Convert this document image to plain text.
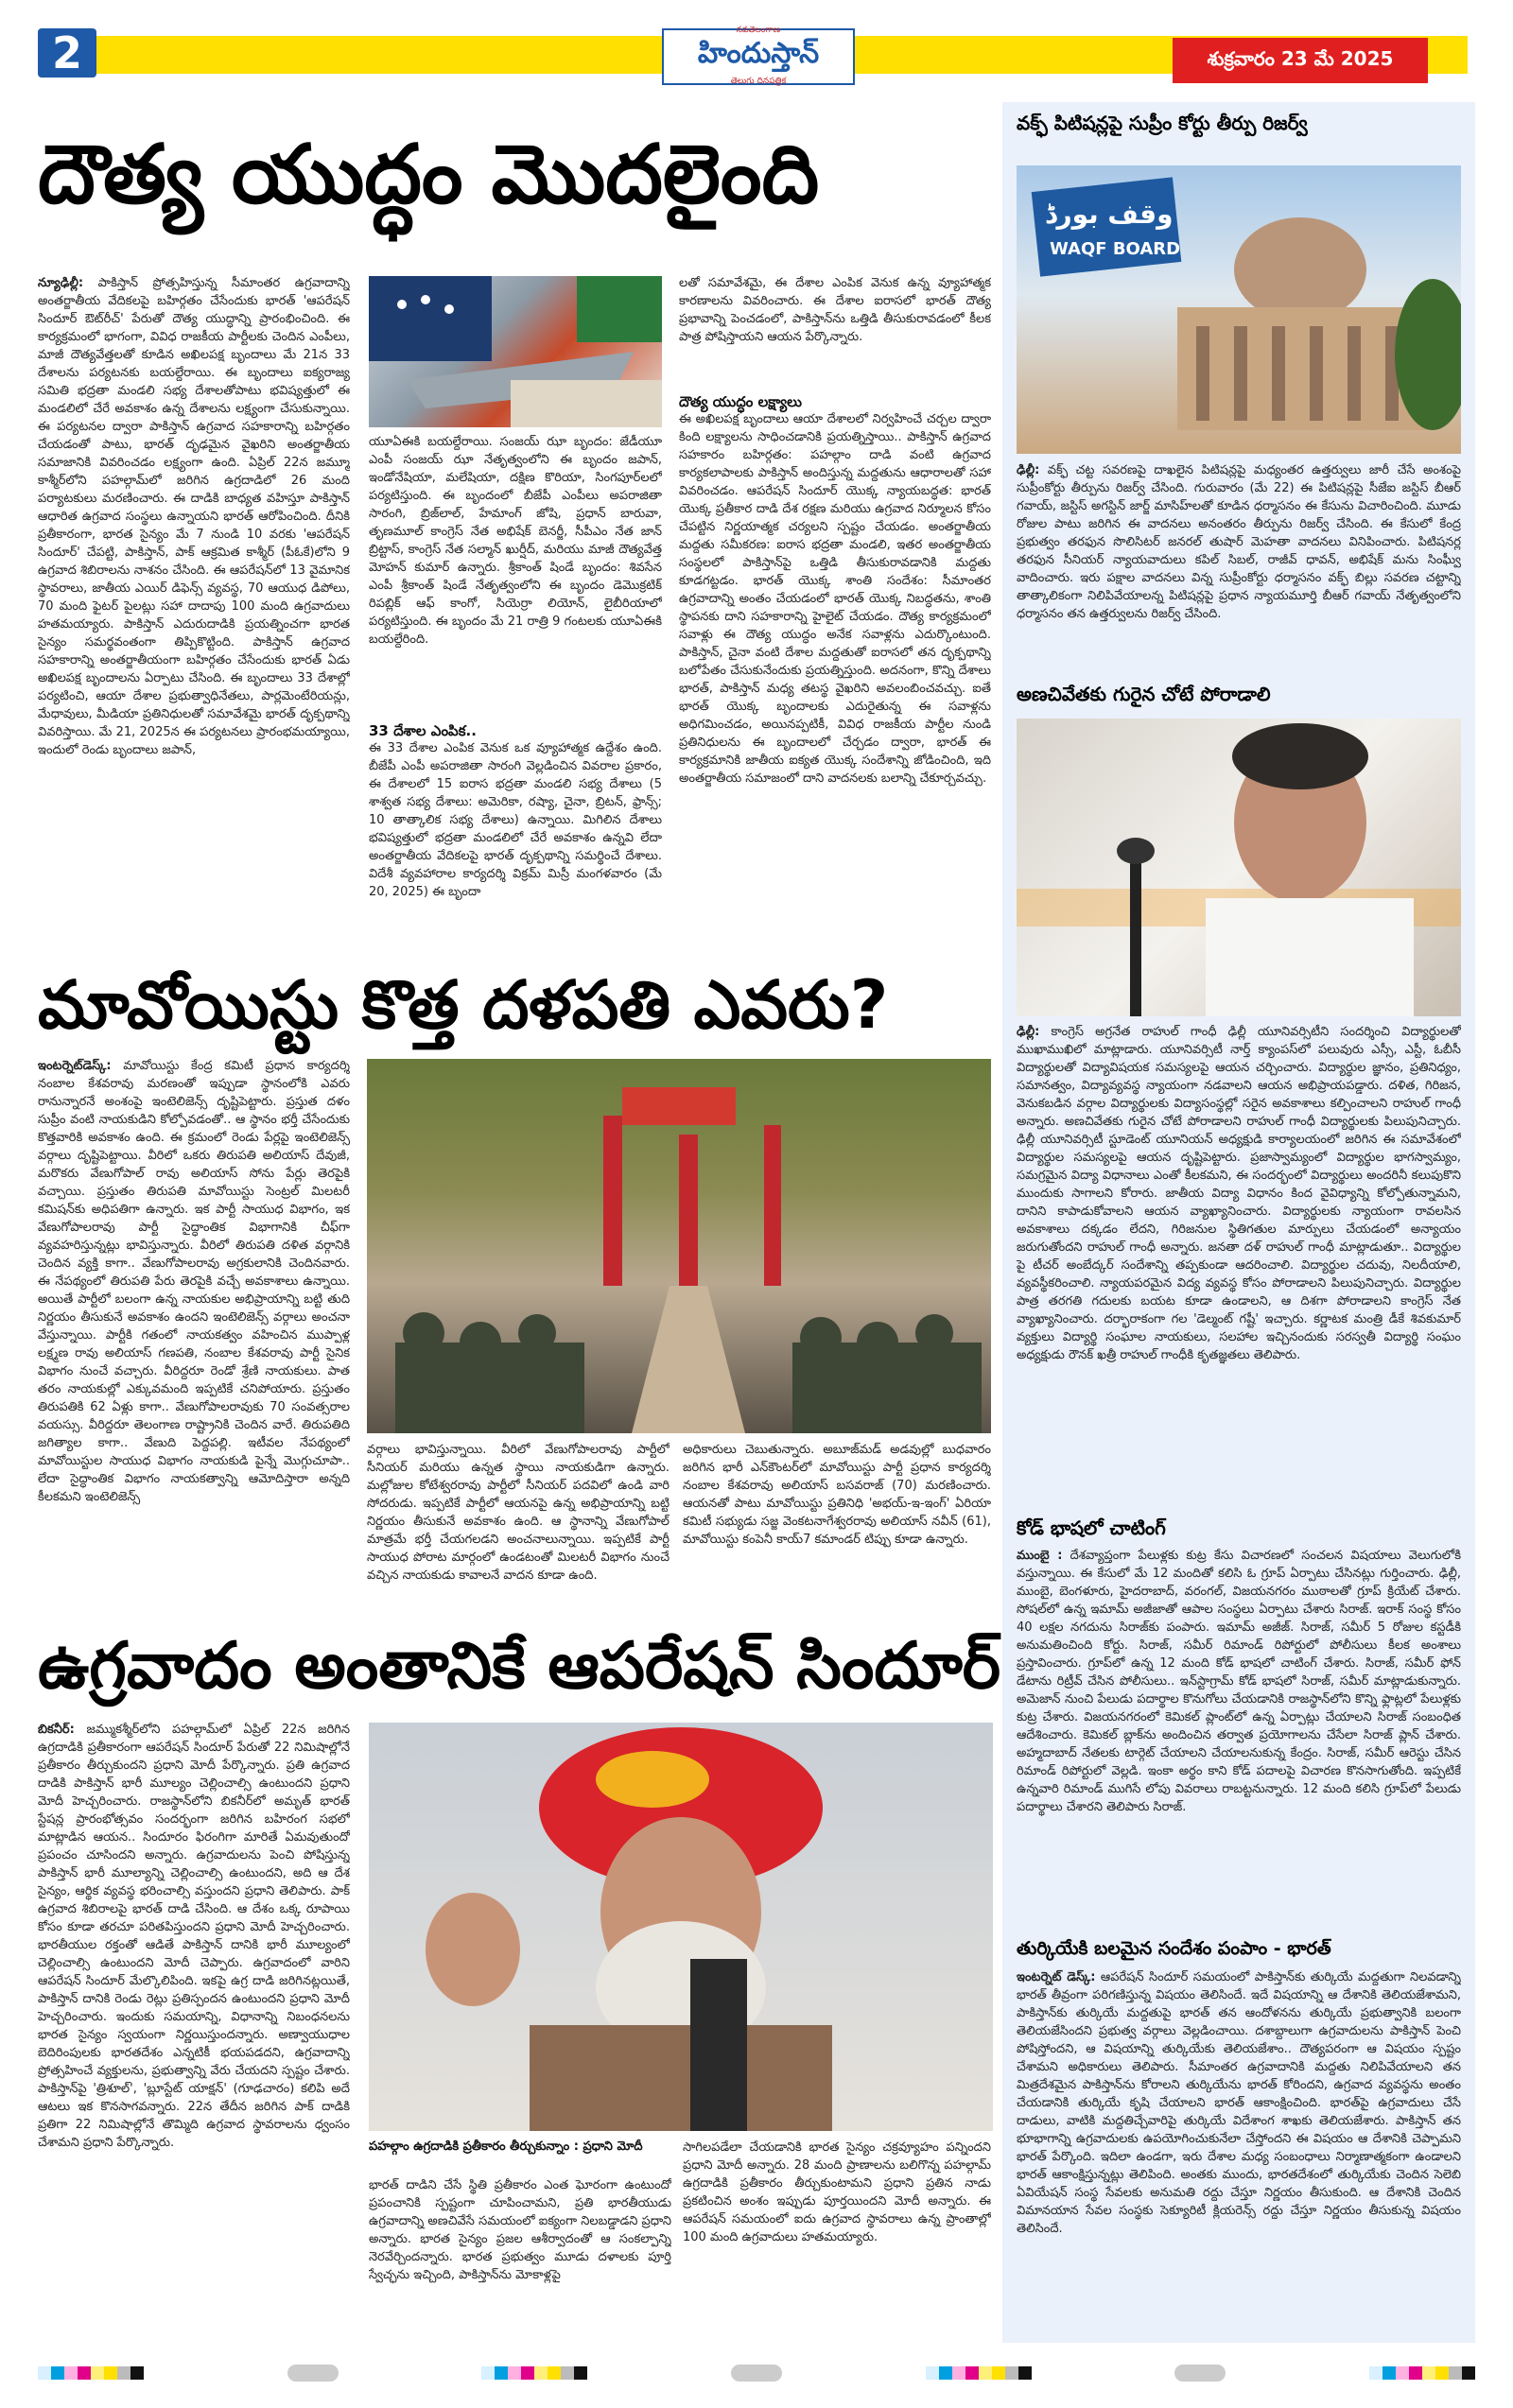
2	నవతెలంగాణ
హిందుస్తాన్
తెలుగు దినపత్రిక
శుక్రవారం 23 మే 2025
దౌత్య యుద్ధం మొదలైంది
న్యూఢిల్లీ: పాకిస్తాన్ ప్రోత్సహిస్తున్న సీమాంతర ఉగ్రవాదాన్ని అంతర్జాతీయ వేదికలపై బహిర్గతం చేసేందుకు భారత్ 'ఆపరేషన్ సిందూర్ ఔట్‌రీచ్' పేరుతో దౌత్య యుద్ధాన్ని ప్రారంభించింది. ఈ కార్యక్రమంలో భాగంగా, వివిధ రాజకీయ పార్టీలకు చెందిన ఎంపీలు, మాజీ దౌత్యవేత్తలతో కూడిన అఖిలపక్ష బృందాలు మే 21న 33 దేశాలను పర్యటనకు బయల్దేరాయి. ఈ బృందాలు ఐక్యరాజ్య సమితి భద్రతా మండలి సభ్య దేశాలతోపాటు భవిష్యత్తులో ఈ మండలిలో చేరే అవకాశం ఉన్న దేశాలను లక్ష్యంగా చేసుకున్నాయి. ఈ పర్యటనల ద్వారా పాకిస్తాన్ ఉగ్రవాద సహకారాన్ని బహిర్గతం చేయడంతో పాటు, భారత్ దృఢమైన వైఖరిని అంతర్జాతీయ సమాజానికి వివరించడం లక్ష్యంగా ఉంది. ఏప్రిల్ 22న జమ్మూ కాశ్మీర్‌లోని పహల్గామ్‌లో జరిగిన ఉగ్రదాడిలో 26 మంది పర్యాటకులు మరణించారు. ఈ దాడికి బాధ్యత వహిస్తూ పాకిస్తాన్ ఆధారిత ఉగ్రవాద సంస్థలు ఉన్నాయని భారత్ ఆరోపించింది. దీనికి ప్రతీకారంగా, భారత సైన్యం మే 7 నుండి 10 వరకు 'ఆపరేషన్ సిందూర్' చేపట్టి, పాకిస్తాన్, పాక్ ఆక్రమిత కాశ్మీర్ (పీఓకే)లోని 9 ఉగ్రవాద శిబిరాలను నాశనం చేసింది. ఈ ఆపరేషన్‌లో 13 వైమానిక స్థావరాలు, జాతీయ ఎయిర్ డిఫెన్స్ వ్యవస్థ, 70 ఆయుధ డిపోలు, 70 మంది ఫైటర్ పైలట్లు సహా దాదాపు 100 మంది ఉగ్రవాదులు హతమయ్యారు. పాకిస్తాన్ ఎదురుదాడికి ప్రయత్నించగా భారత సైన్యం సమర్థవంతంగా తిప్పికొట్టింది. పాకిస్తాన్ ఉగ్రవాద సహకారాన్ని అంతర్జాతీయంగా బహిర్గతం చేసేందుకు భారత్ ఏడు అఖిలపక్ష బృందాలను ఏర్పాటు చేసింది. ఈ బృందాలు 33 దేశాల్లో పర్యటించి, ఆయా దేశాల ప్రభుత్వాధినేతలు, పార్లమెంటేరియన్లు, మేధావులు, మీడియా ప్రతినిధులతో సమావేశమై భారత్ దృక్పథాన్ని వివరిస్తాయి. మే 21, 2025న ఈ పర్యటనలు ప్రారంభమయ్యాయి, ఇందులో రెండు బృందాలు జపాన్,
యూఏఈకి బయల్దేరాయి. సంజయ్ ఝా బృందం: జేడీయూ ఎంపీ సంజయ్ ఝా నేతృత్వంలోని ఈ బృందం జపాన్, ఇండోనేషియా, మలేషియా, దక్షిణ కొరియా, సింగపూర్‌లలో పర్యటిస్తుంది. ఈ బృందంలో బీజేపీ ఎంపీలు అపరాజితా సారంగి, బ్రిజ్‌లాల్, హేమాంగ్ జోషి, ప్రధాన్ బారువా, తృణమూల్ కాంగ్రెస్ నేత అభిషేక్ బెనర్జీ, సీపీఎం నేత జాన్ బ్రిట్టాస్, కాంగ్రెస్ నేత సల్మాన్ ఖుర్షీద్, మరియు మాజీ దౌత్యవేత్త మోహన్ కుమార్ ఉన్నారు. శ్రీకాంత్ షిండే బృందం: శివసేన ఎంపీ శ్రీకాంత్ షిండే నేతృత్వంలోని ఈ బృందం డెమొక్రటిక్ రిపబ్లిక్ ఆఫ్ కాంగో, సియెర్రా లియోన్, లైబీరియాలో పర్యటిస్తుంది. ఈ బృందం మే 21 రాత్రి 9 గంటలకు యూఏఈకి బయల్దేరింది.
33 దేశాల ఎంపిక..
ఈ 33 దేశాల ఎంపిక వెనుక ఒక వ్యూహాత్మక ఉద్దేశం ఉంది. బీజేపీ ఎంపీ అపరాజితా సారంగి వెల్లడించిన వివరాల ప్రకారం, ఈ దేశాలలో 15 ఐరాస భద్రతా మండలి సభ్య దేశాలు (5 శాశ్వత సభ్య దేశాలు: అమెరికా, రష్యా, చైనా, బ్రిటన్, ఫ్రాన్స్; 10 తాత్కాలిక సభ్య దేశాలు) ఉన్నాయి. మిగిలిన దేశాలు భవిష్యత్తులో భద్రతా మండలిలో చేరే అవకాశం ఉన్నవి లేదా అంతర్జాతీయ వేదికలపై భారత్ దృక్పథాన్ని సమర్థించే దేశాలు. విదేశీ వ్యవహారాల కార్యదర్శి విక్రమ్ మిస్రీ మంగళవారం (మే 20, 2025) ఈ బృందా
లతో సమావేశమై, ఈ దేశాల ఎంపిక వెనుక ఉన్న వ్యూహాత్మక కారణాలను వివరించారు. ఈ దేశాల ఐరాసలో భారత్ దౌత్య ప్రభావాన్ని పెంచడంలో, పాకిస్తాన్‌ను ఒత్తిడి తీసుకురావడంలో కీలక పాత్ర పోషిస్తాయని ఆయన పేర్కొన్నారు.
దౌత్య యుద్ధం లక్ష్యాలు
ఈ అఖిలపక్ష బృందాలు ఆయా దేశాలలో నిర్వహించే చర్చల ద్వారా కింది లక్ష్యాలను సాధించడానికి ప్రయత్నిస్తాయి.. పాకిస్తాన్ ఉగ్రవాద సహకారం బహిర్గతం: పహల్గాం దాడి వంటి ఉగ్రవాద కార్యకలాపాలకు పాకిస్తాన్ అందిస్తున్న మద్దతును ఆధారాలతో సహా వివరించడం. ఆపరేషన్ సిందూర్ యొక్క న్యాయబద్ధత: భారత్ యొక్క ప్రతీకార దాడి దేశ రక్షణ మరియు ఉగ్రవాద నిర్మూలన కోసం చేపట్టిన నిర్ణయాత్మక చర్యలని స్పష్టం చేయడం. అంతర్జాతీయ మద్దతు సమీకరణ: ఐరాస భద్రతా మండలి, ఇతర అంతర్జాతీయ సంస్థలలో పాకిస్తాన్‌పై ఒత్తిడి తీసుకురావడానికి మద్దతు కూడగట్టడం. భారత్ యొక్క శాంతి సందేశం: సీమాంతర ఉగ్రవాదాన్ని అంతం చేయడంలో భారత్ యొక్క నిబద్ధతను, శాంతి స్థాపనకు దాని సహకారాన్ని హైలైట్ చేయడం. దౌత్య కార్యక్రమంలో సవాళ్లు ఈ దౌత్య యుద్ధం అనేక సవాళ్లను ఎదుర్కొంటుంది. పాకిస్తాన్, చైనా వంటి దేశాల మద్దతుతో ఐరాసలో తన దృక్పథాన్ని బలోపేతం చేసుకునేందుకు ప్రయత్నిస్తుంది. అదనంగా, కొన్ని దేశాలు భారత్, పాకిస్తాన్ మధ్య తటస్థ వైఖరిని అవలంబించవచ్చు. ఐతే భారత్ యొక్క బృందాలకు ఎదురైతున్న ఈ సవాళ్లను అధిగమించడం, అయినప్పటికీ, వివిధ రాజకీయ పార్టీల నుండి ప్రతినిధులను ఈ బృందాలలో చేర్చడం ద్వారా, భారత్ ఈ కార్యక్రమానికి జాతీయ ఐక్యత యొక్క సందేశాన్ని జోడించింది, ఇది అంతర్జాతీయ సమాజంలో దాని వాదనలకు బలాన్ని చేకూర్చవచ్చు.
మావోయిస్టు కొత్త దళపతి ఎవరు?
ఇంటర్నెట్‌డెస్క్: మావోయిస్టు కేంద్ర కమిటీ ప్రధాన కార్యదర్శి నంబాల కేశవరావు మరణంతో ఇప్పుడా స్థానంలోకి ఎవరు రానున్నారనే అంశంపై ఇంటెలిజెన్స్ దృష్టిపెట్టారు. ప్రస్తుత దళం సుప్రీం వంటి నాయకుడిని కోల్పోవడంతో.. ఆ స్థానం భర్తీ చేసేందుకు కొత్తవారికి అవకాశం ఉంది. ఈ క్రమంలో రెండు పేర్లపై ఇంటెలిజెన్స్ వర్గాలు దృష్టిపెట్టాయి. వీరిలో ఒకరు తిరుపతి అలియాస్ దేవుజీ, మరొకరు వేణుగోపాల్ రావు అలియాస్ సోను పేర్లు తెరపైకి వచ్చాయి. ప్రస్తుతం తిరుపతి మావోయిస్టు సెంట్రల్ మిలటరీ కమిషన్‌కు అధిపతిగా ఉన్నారు. ఇక పార్టీ సాయుధ విభాగం, ఇక వేణుగోపాలరావు పార్టీ సైద్ధాంతిక విభాగానికి చీఫ్‌గా వ్యవహరిస్తున్నట్లు భావిస్తున్నారు. వీరిలో తిరుపతి దళిత వర్గానికి చెందిన వ్యక్తి కాగా.. వేణుగోపాలరావు అగ్రకులానికి చెందినవారు. ఈ నేపథ్యంలో తిరుపతి పేరు తెరపైకి వచ్చే అవకాశాలు ఉన్నాయి. అయితే పార్టీలో బలంగా ఉన్న నాయకుల అభిప్రాయాన్ని బట్టి తుది నిర్ణయం తీసుకునే అవకాశం ఉందని ఇంటెలిజెన్స్ వర్గాలు అంచనా వేస్తున్నాయి. పార్టీకి గతంలో నాయకత్వం వహించిన ముప్పాళ్ల లక్ష్మణ రావు అలియాస్ గణపతి, నంబాల కేశవరావు పార్టీ సైనిక విభాగం నుంచే వచ్చారు. వీరిద్దరూ రెండో శ్రేణి నాయకులు. పాత తరం నాయకుల్లో ఎక్కువమంది ఇప్పటికే చనిపోయారు. ప్రస్తుతం తిరుపతికి 62 ఏళ్లు కాగా.. వేణుగోపాలరావుకు 70 సంవత్సరాల వయస్సు. వీరిద్దరూ తెలంగాణ రాష్ట్రానికి చెందిన వారే. తిరుపతిది జగిత్యాల కాగా.. వేణుది పెద్దపల్లి. ఇటీవల నేపథ్యంలో మావోయిస్టుల సాయుధ విభాగం నాయకుడి పైన్నే మొగ్గుచూపా.. లేదా సైద్ధాంతిక విభాగం నాయకత్వాన్ని ఆమోదిస్తారా అన్నది కీలకమని ఇంటెలిజెన్స్
వర్గాలు భావిస్తున్నాయి. వీరిలో వేణుగోపాలరావు పార్టీలో సీనియర్ మరియు ఉన్నత స్థాయి నాయకుడిగా ఉన్నారు. మల్లోజుల కోటేశ్వరరావు పార్టీలో సీనియర్ పదవిలో ఉండి వారి సోదరుడు. ఇప్పటికే పార్టీలో ఆయనపై ఉన్న అభిప్రాయాన్ని బట్టి నిర్ణయం తీసుకునే అవకాశం ఉంది. ఆ స్థానాన్ని వేణుగోపాల్ మాత్రమే భర్తీ చేయగలడని అంచనాలున్నాయి. ఇప్పటికే పార్టీ సాయుధ పోరాట మార్గంలో ఉండటంతో మిలటరీ విభాగం నుంచే వచ్చిన నాయకుడు కావాలనే వాదన కూడా ఉంది.
అధికారులు చెబుతున్నారు. అబూజ్‌మడ్ అడవుల్లో బుధవారం జరిగిన భారీ ఎన్‌కౌంటర్‌లో మావోయిస్టు పార్టీ ప్రధాన కార్యదర్శి నంబాల కేశవరావు అలియాస్ బసవరాజ్ (70) మరణించారు. ఆయనతో పాటు మావోయిస్టు ప్రతినిధి 'అభయ్-ఇ-ఇంగ్' ఏరియా కమిటీ సభ్యుడు సజ్జ వెంకటనాగేశ్వరరావు అలియాస్ నవీన్ (61), మావోయిస్టు కంపెనీ కాయ్7 కమాండర్ టిప్పు కూడా ఉన్నారు.
ఉగ్రవాదం అంతానికే ఆపరేషన్ సిందూర్
బికనీర్: జమ్ముకశ్మీర్‌లోని పహల్గామ్‌లో ఏప్రిల్ 22న జరిగిన ఉగ్రదాడికి ప్రతీకారంగా ఆపరేషన్ సిందూర్ పేరుతో 22 నిమిషాల్లోనే ప్రతీకారం తీర్చుకుందని ప్రధాని మోదీ పేర్కొన్నారు. ప్రతి ఉగ్రవాద దాడికి పాకిస్తాన్ భారీ మూల్యం చెల్లించాల్సి ఉంటుందని ప్రధాని మోదీ హెచ్చరించారు. రాజస్థాన్‌లోని బికనీర్‌లో అమృత్ భారత్ స్టేషన్ల ప్రారంభోత్సవం సందర్భంగా జరిగిన బహిరంగ సభలో మాట్లాడిన ఆయన.. సిందూరం ఫిరంగిగా మారితే ఏమవుతుందో ప్రపంచం చూసిందని అన్నారు. ఉగ్రవాదులను పెంచి పోషిస్తున్న పాకిస్తాన్ భారీ మూల్యాన్ని చెల్లించాల్సి ఉంటుందని, అది ఆ దేశ సైన్యం, ఆర్థిక వ్యవస్థ భరించాల్సి వస్తుందని ప్రధాని తెలిపారు. పాక్ ఉగ్రవాద శిబిరాలపై భారత్ దాడి చేసింది. ఆ దేశం ఒక్క రూపాయి కోసం కూడా తరచూ పరితపిస్తుందని ప్రధాని మోదీ హెచ్చరించారు. భారతీయుల రక్తంతో ఆడితే పాకిస్తాన్ దానికి భారీ మూల్యంలో చెల్లించాల్సి ఉంటుందని మోదీ చెప్పారు. ఉగ్రవాదంలో వారిని ఆపరేషన్ సిందూర్ మేల్కొలిపింది. ఇకపై ఉగ్ర దాడి జరిగినట్లయితే, పాకిస్తాన్ దానికి రెండు రెట్లు ప్రతిస్పందన ఉంటుందని ప్రధాని మోదీ హెచ్చరించారు. ఇందుకు సమయాన్ని, విధానాన్ని నిబంధనలను భారత సైన్యం స్వయంగా నిర్ణయిస్తుందన్నారు. అణ్వాయుధాల బెదిరింపులకు భారతదేశం ఎన్నటికీ భయపడదని, ఉగ్రవాదాన్ని ప్రోత్సహించే వ్యక్తులను, ప్రభుత్వాన్ని వేరు చేయదని స్పష్టం చేశారు. పాకిస్తాన్‌పై 'త్రిశూల్', 'బ్లూస్టేట్ యాక్షన్' (గూఢచారం) కలిపి అదే ఆటలు ఇక కొనసాగవన్నారు. 22న తేదీన జరిగిన పాక్ దాడికి ప్రతిగా 22 నిమిషాల్లోనే తొమ్మిది ఉగ్రవాద స్థావరాలను ధ్వంసం చేశామని ప్రధాని పేర్కొన్నారు.	పహల్గాం ఉగ్రదాడికి ప్రతీకారం తీర్చుకున్నాం : ప్రధాని మోదీ
భారత్ దాడిని చేసే స్థితి ప్రతీకారం ఎంత ఘోరంగా ఉంటుందో ప్రపంచానికి స్పష్టంగా చూపించామని, ప్రతి భారతీయుడు ఉగ్రవాదాన్ని అణచివేసే సమయంలో ఐక్యంగా నిలబడ్డాడని ప్రధాని అన్నారు. భారత సైన్యం ప్రజల ఆశీర్వాదంతో ఆ సంకల్పాన్ని నెరవేర్చిందన్నారు. భారత ప్రభుత్వం మూడు దళాలకు పూర్తి స్వేచ్ఛను ఇచ్చింది, పాకిస్తాన్‌ను మోకాళ్లపై
సాగిలపడేలా చేయడానికి భారత సైన్యం చక్రవ్యూహం పన్నిందని ప్రధాని మోదీ అన్నారు. 28 మంది ప్రాణాలను బలిగొన్న పహల్గామ్ ఉగ్రదాడికి ప్రతీకారం తీర్చుకుంటామని ప్రధాని ప్రతిన నాడు ప్రకటించిన అంశం ఇప్పుడు పూర్తయిందని మోదీ అన్నారు. ఈ ఆపరేషన్ సమయంలో ఐదు ఉగ్రవాద స్థావరాలు ఉన్న ప్రాంతాల్లో 100 మంది ఉగ్రవాదులు హతమయ్యారు.
వక్ఫ్ పిటిషన్లపై సుప్రీం కోర్టు తీర్పు రిజర్వ్
وقف بورڈ
WAQF BOARD
ఢిల్లీ: వక్ఫ్ చట్ట సవరణపై దాఖలైన పిటిషన్లపై మధ్యంతర ఉత్తర్వులు జారీ చేసే అంశంపై సుప్రీంకోర్టు తీర్పును రిజర్వ్ చేసింది. గురువారం (మే 22) ఈ పిటిషన్లపై సీజేఐ జస్టిస్ బీఆర్ గవాయ్, జస్టిస్ అగస్టిన్ జార్జ్ మాసిహ్‌లతో కూడిన ధర్మాసనం ఈ కేసును విచారించింది. మూడు రోజుల పాటు జరిగిన ఈ వాదనలు అనంతరం తీర్పును రిజర్వ్ చేసింది. ఈ కేసులో కేంద్ర ప్రభుత్వం తరఫున సొలిసిటర్ జనరల్ తుషార్ మెహతా వాదనలు వినిపించారు. పిటిషనర్ల తరఫున సీనియర్ న్యాయవాదులు కపిల్ సిబల్, రాజీవ్ ధావన్, అభిషేక్ మను సింఘ్వీ వాదించారు. ఇరు పక్షాల వాదనలు విన్న సుప్రీంకోర్టు ధర్మాసనం వక్ఫ్ బిల్లు సవరణ చట్టాన్ని తాత్కాలికంగా నిలిపివేయాలన్న పిటిషన్లపై ప్రధాన న్యాయమూర్తి బీఆర్ గవాయ్ నేతృత్వంలోని ధర్మాసనం తన ఉత్తర్వులను రిజర్వ్ చేసింది.
అణచివేతకు గురైన చోటే పోరాడాలి
ఢిల్లీ: కాంగ్రెస్ అగ్రనేత రాహుల్ గాంధీ ఢిల్లీ యూనివర్సిటీని సందర్శించి విద్యార్థులతో ముఖాముఖిలో మాట్లాడారు. యూనివర్సిటీ నార్త్ క్యాంపస్‌లో పలువురు ఎస్సీ, ఎస్టీ, ఓబీసీ విద్యార్థులతో విద్యావిషయక సమస్యలపై ఆయన చర్చించారు. విద్యార్థుల జ్ఞానం, ప్రతినిధ్యం, సమానత్వం, విద్యావ్యవస్థ న్యాయంగా నడవాలని ఆయన అభిప్రాయపడ్డారు. దళిత, గిరిజన, వెనుకబడిన వర్గాల విద్యార్థులకు విద్యాసంస్థల్లో సరైన అవకాశాలు కల్పించాలని రాహుల్ గాంధీ అన్నారు. అణచివేతకు గురైన చోటే పోరాడాలని రాహుల్ గాంధీ విద్యార్థులకు పిలుపునిచ్చారు. ఢిల్లీ యూనివర్సిటీ స్టూడెంట్ యూనియన్ అధ్యక్షుడి కార్యాలయంలో జరిగిన ఈ సమావేశంలో విద్యార్థుల సమస్యలపై ఆయన దృష్టిపెట్టారు. ప్రజాస్వామ్యంలో విద్యార్థుల భాగస్వామ్యం, సమగ్రమైన విద్యా విధానాలు ఎంతో కీలకమని, ఈ సందర్భంలో విద్యార్థులు అందరినీ కలుపుకొని ముందుకు సాగాలని కోరారు. జాతీయ విద్యా విధానం కింద వైవిధ్యాన్ని కోల్పోతున్నామని, దానిని కాపాడుకోవాలని ఆయన వ్యాఖ్యానించారు. విద్యార్థులకు న్యాయంగా రావలసిన అవకాశాలు దక్కడం లేదని, గిరిజనుల స్థితిగతుల మార్పులు చేయడంలో అన్యాయం జరుగుతోందని రాహుల్ గాంధీ అన్నారు. జనతా దళ్ రాహుల్ గాంధీ మాట్లాడుతూ.. విద్యార్థుల పై టీచర్ అంబేద్కర్ సందేశాన్ని తప్పకుండా ఆదరించాలి. విద్యార్థుల చదువు, నిలదీయాలి, వ్యవస్థీకరించాలి. న్యాయపరమైన విద్య వ్యవస్థ కోసం పోరాడాలని పిలుపునిచ్చారు. విద్యార్థుల పాత్ర తరగతి గదులకు బయట కూడా ఉండాలని, ఆ దిశగా పోరాడాలని కాంగ్రెస్ నేత వ్యాఖ్యానించారు. దర్భారాకంగా గల 'డెల్మంట్ గష్టీ' ఇచ్చారు. కర్ణాటక మంత్రి డీకే శివకుమార్ వ్యక్తులు విద్యార్థి సంఘాల నాయకులు, సలహాల ఇచ్చినందుకు సరస్వతీ విద్యార్థి సంఘం అధ్యక్షుడు రౌనక్ ఖత్రీ రాహుల్ గాంధీకి కృతజ్ఞతలు తెలిపారు.
కోడ్ భాషలో చాటింగ్
ముంబై : దేశవ్యాప్తంగా పేలుళ్లకు కుట్ర కేసు విచారణలో సంచలన విషయాలు వెలుగులోకి వస్తున్నాయి. ఈ కేసులో మే 12 మందితో కలిసి ఓ గ్రూప్ ఏర్పాటు చేసినట్లు గుర్తించారు. ఢిల్లీ, ముంబై, బెంగళూరు, హైదరాబాద్, వరంగల్, విజయనగరం ముఠాలతో గ్రూప్ క్రియేట్ చేశారు. సోషల్‌లో ఉన్న ఇమామ్ అజీజాతో ఆపాల సంస్థలు ఏర్పాటు చేశారు సిరాజ్. ఇరాక్ సంస్థ కోసం 40 లక్షల నగదును సిరాజ్‌కు పంపారు. ఇమామ్ అజీజ్. సిరాజ్, సమీర్ 5 రోజుల కస్టడీకి అనుమతించింది కోర్టు. సిరాజ్, సమీర్ రిమాండ్ రిపోర్టులో పోలీసులు కీలక అంశాలు ప్రస్తావించారు. గ్రూప్‌లో ఉన్న 12 మంది కోడ్ భాషలో చాటింగ్ చేశారు. సిరాజ్, సమీర్ ఫోన్ డేటాను రిట్రీవ్ చేసిన పోలీసులు.. ఇన్‌స్టాగ్రామ్ కోడ్ భాషలో సిరాజ్, సమీర్ మాట్లాడుకున్నారు. అమెజాన్ నుంచి పేలుడు పదార్థాల కొనుగోలు చేయడానికి రాజస్థాన్‌లోని కొన్ని ఫ్లాట్లలో పేలుళ్లకు కుట్ర చేశారు. విజయనగరంలో కెమికల్ ప్లాంట్‌లో ఉన్న ఏర్పాట్లు చేయాలని సిరాజ్ సంబంధిత ఆదేశించారు. కెమికల్ బ్లాక్‌ను అందించిన తర్వాత ప్రయోగాలను చేసేలా సిరాజ్ ప్లాన్ చేశారు. అహ్మదాబాద్ నేతలకు టార్గెట్ చేయాలని చేయాలనుకున్న కేంద్రం. సిరాజ్, సమీర్ ఆరెస్టు చేసిన రిమాండ్ రిపోర్టులో వెల్లడి. ఇంకా అర్థం కాని కోడ్ పదాలపై విచారణ కొనసాగుతోంది. ఇప్పటికే ఉన్నవారి రిమాండ్ ముగిసే లోపు వివరాలు రాబట్టనున్నారు. 12 మంది కలిసి గ్రూప్‌లో పేలుడు పదార్థాలు చేశారని తెలిపారు సిరాజ్.
తుర్కియేకి బలమైన సందేశం పంపాం - భారత్
ఇంటర్నెట్ డెస్క్: ఆపరేషన్ సిందూర్ సమయంలో పాకిస్తాన్‌కు తుర్కియే మద్దతుగా నిలవడాన్ని భారత్ తీవ్రంగా పరిగణిస్తున్న విషయం తెలిసిందే. ఇదే విషయాన్ని ఆ దేశానికి తెలియజేశామని, పాకిస్తాన్‌కు తుర్కియే మద్దతుపై భారత్ తన ఆందోళనను తుర్కియే ప్రభుత్వానికి బలంగా తెలియజేసిందని ప్రభుత్వ వర్గాలు వెల్లడించాయి. దశాబ్దాలుగా ఉగ్రవాదులను పాకిస్తాన్ పెంచి పోషిస్తోందని, ఆ విషయాన్ని తుర్కియేకు తెలియజేశాం.. దౌత్యపరంగా ఆ విషయం స్పష్టం చేశామని అధికారులు తెలిపారు. సీమాంతర ఉగ్రవాదానికి మద్దతు నిలిపివేయాలని తన మిత్రదేశమైన పాకిస్తాన్‌ను కోరాలని తుర్కియేను భారత్ కోరిందని, ఉగ్రవాద వ్యవస్థను అంతం చేయడానికి తుర్కియే కృషి చేయాలని భారత్ ఆకాంక్షించింది. భారత్‌పై ఉగ్రవాదులు చేసే దాడులు, వాటికి మద్దతిచ్చేవారిపై తుర్కియే విదేశాంగ శాఖకు తెలియజేశారు. పాకిస్తాన్ తన భూభాగాన్ని ఉగ్రవాదులకు ఉపయోగించుకునేలా చేస్తోందని ఈ విషయం ఆ దేశానికి చెప్పామని భారత్ పేర్కొంది. ఇదిలా ఉండగా, ఇరు దేశాల మధ్య సంబంధాలు నిర్మాణాత్మకంగా ఉండాలని భారత్ ఆకాంక్షిస్తున్నట్లు తెలిపింది. అంతకు ముందు, భారతదేశంలో తుర్కియేకు చెందిన సెలెబి ఏవియేషన్ సంస్థ సేవలకు అనుమతి రద్దు చేస్తూ నిర్ణయం తీసుకుంది. ఆ దేశానికి చెందిన విమానయాన సేవల సంస్థకు సెక్యూరిటీ క్లియరెన్స్ రద్దు చేస్తూ నిర్ణయం తీసుకున్న విషయం తెలిసిందే.
